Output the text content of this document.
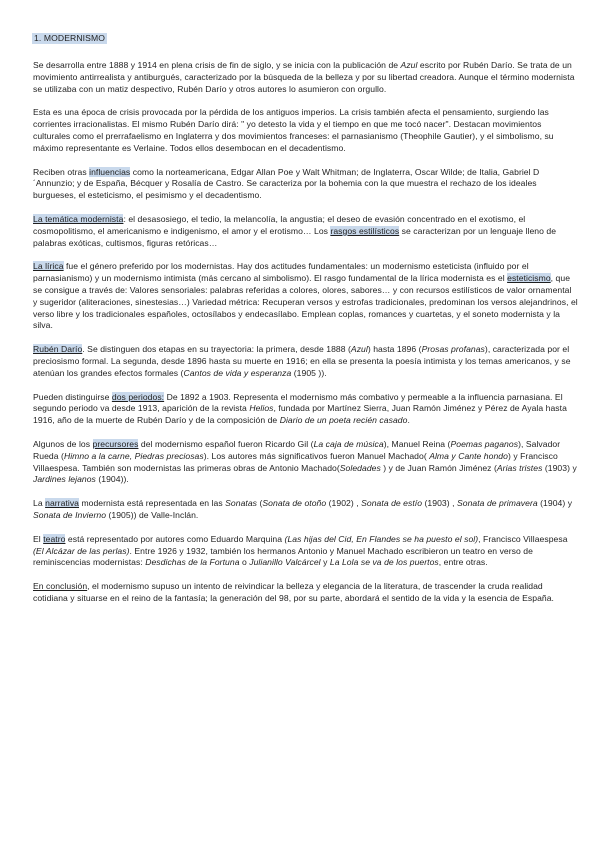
1. MODERNISMO

Se desarrolla entre 1888 y 1914 en plena crisis de fin de siglo, y se inicia con la publicación de Azul escrito por Rubén Darío. Se trata de un movimiento antirrealista y antiburgués, caracterizado por la búsqueda de la belleza y por su libertad creadora. Aunque el término modernista se utilizaba con un matiz despectivo, Rubén Darío y otros autores lo asumieron con orgullo.

Esta es una época de crisis provocada por la pérdida de los antiguos imperios. La crisis también afecta el pensamiento, surgiendo las corrientes irracionalistas. El mismo Rubén Darío dirá: " yo detesto la vida y el tiempo en que me tocó nacer". Destacan movimientos culturales como el prerrafaelismo en Inglaterra y dos movimientos franceses: el parnasianismo (Theophile Gautier), y el simbolismo, su máximo representante es Verlaine. Todos ellos desembocan en el decadentismo.

Reciben otras influencias como la norteamericana, Edgar Allan Poe y Walt Whitman; de Inglaterra, Oscar Wilde; de Italia, Gabriel D´Annunzio; y de España, Bécquer y Rosalía de Castro. Se caracteriza por la bohemia con la que muestra el rechazo de los ideales burgueses, el esteticismo, el pesimismo y el decadentismo.

La temática modernista: el desasosiego, el tedio, la melancolía, la angustia; el deseo de evasión concentrado en el exotismo, el cosmopolitismo, el americanismo e indigenismo, el amor y el erotismo… Los rasgos estilísticos se caracterizan por un lenguaje lleno de palabras exóticas, cultismos, figuras retóricas…

La lírica fue el género preferido por los modernistas. Hay dos actitudes fundamentales: un modernismo esteticista (influido por el parnasianismo) y un modernismo intimista (más cercano al simbolismo). El rasgo fundamental de la lírica modernista es el esteticismo, que se consigue a través de: Valores sensoriales: palabras referidas a colores, olores, sabores… y con recursos estilísticos de valor ornamental y sugeridor (aliteraciones, sinestesias…) Variedad métrica: Recuperan versos y estrofas tradicionales, predominan los versos alejandrinos, el verso libre y los tradicionales españoles, octosílabos y endecasílabo. Emplean coplas, romances y cuartetas, y el soneto modernista y la silva.

Rubén Darío. Se distinguen dos etapas en su trayectoria: la primera, desde 1888 (Azul) hasta 1896 (Prosas profanas), caracterizada por el preciosismo formal. La segunda, desde 1896 hasta su muerte en 1916; en ella se presenta la poesía intimista y los temas americanos, y se atenúan los grandes efectos formales (Cantos de vida y esperanza (1905 )).

Pueden distinguirse dos periodos: De 1892 a 1903. Representa el modernismo más combativo y permeable a la influencia parnasiana. El segundo periodo va desde 1913, aparición de la revista Helios, fundada por Martínez Sierra, Juan Ramón Jiménez y Pérez de Ayala hasta 1916, año de la muerte de Rubén Darío y de la composición de Diario de un poeta recién casado.

Algunos de los precursores del modernismo español fueron Ricardo Gil (La caja de música), Manuel Reina (Poemas paganos), Salvador Rueda (Himno a la carne, Piedras preciosas). Los autores más significativos fueron Manuel Machado( Alma y Cante hondo) y Francisco Villaespesa. También son modernistas las primeras obras de Antonio Machado(Soledades ) y de Juan Ramón Jiménez (Arias tristes (1903) y Jardines lejanos (1904)).

La narrativa modernista está representada en las Sonatas (Sonata de otoño (1902) , Sonata de estío (1903) , Sonata de primavera (1904) y Sonata de Invierno (1905)) de Valle-Inclán.

El teatro está representado por autores como Eduardo Marquina (Las hijas del Cid, En Flandes se ha puesto el sol), Francisco Villaespesa (El Alcázar de las perlas). Entre 1926 y 1932, también los hermanos Antonio y Manuel Machado escribieron un teatro en verso de reminiscencias modernistas: Desdichas de la Fortuna o Julianillo Valcárcel y La Lola se va de los puertos, entre otras.

En conclusión, el modernismo supuso un intento de reivindicar la belleza y elegancia de la literatura, de trascender la cruda realidad cotidiana y situarse en el reino de la fantasía; la generación del 98, por su parte, abordará el sentido de la vida y la esencia de España.
